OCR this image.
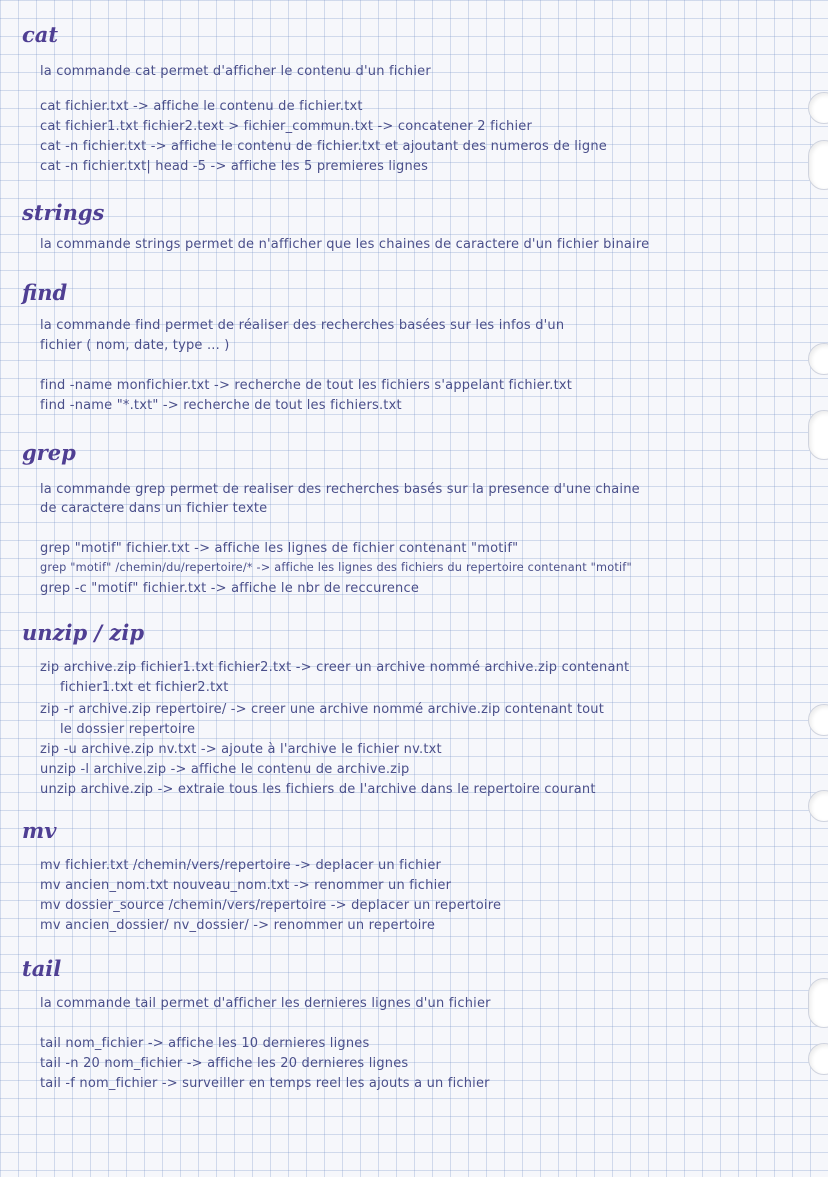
cat
la commande cat permet d'afficher le contenu d'un fichier
cat fichier.txt -> affiche le contenu de fichier.txt
cat fichier1.txt fichier2.text > fichier_commun.txt -> concatener 2 fichier
cat -n fichier.txt -> affiche le contenu de fichier.txt et ajoutant des numeros de ligne
cat -n fichier.txt| head -5 -> affiche les 5 premieres lignes
strings
la commande strings permet de n'afficher que les chaines de caractere d'un fichier binaire
find
la commande find permet de réaliser des recherches basées sur les infos d'un
fichier ( nom, date, type ... )
find -name monfichier.txt -> recherche de tout les fichiers s'appelant fichier.txt
find -name "*.txt" -> recherche de tout les fichiers.txt
grep
la commande grep permet de realiser des recherches basés sur la presence d'une chaine
de caractere dans un fichier texte
grep "motif" fichier.txt -> affiche les lignes de fichier contenant "motif"
grep "motif" /chemin/du/repertoire/* -> affiche les lignes des fichiers du repertoire contenant "motif"
grep -c "motif" fichier.txt -> affiche le nbr de reccurence
unzip / zip
zip archive.zip fichier1.txt fichier2.txt -> creer un archive nommé archive.zip contenant
fichier1.txt et fichier2.txt
zip -r archive.zip repertoire/ -> creer une archive nommé archive.zip contenant tout
le dossier repertoire
zip -u archive.zip nv.txt -> ajoute à l'archive le fichier nv.txt
unzip -l archive.zip -> affiche le contenu de archive.zip
unzip archive.zip -> extraie tous les fichiers de l'archive dans le repertoire courant
mv
mv fichier.txt /chemin/vers/repertoire -> deplacer un fichier
mv ancien_nom.txt nouveau_nom.txt -> renommer un fichier
mv dossier_source /chemin/vers/repertoire -> deplacer un repertoire
mv ancien_dossier/ nv_dossier/ -> renommer un repertoire
tail
la commande tail permet d'afficher les dernieres lignes d'un fichier
tail nom_fichier -> affiche les 10 dernieres lignes
tail -n 20 nom_fichier -> affiche les 20 dernieres lignes
tail -f nom_fichier -> surveiller en temps reel les ajouts a un fichier
